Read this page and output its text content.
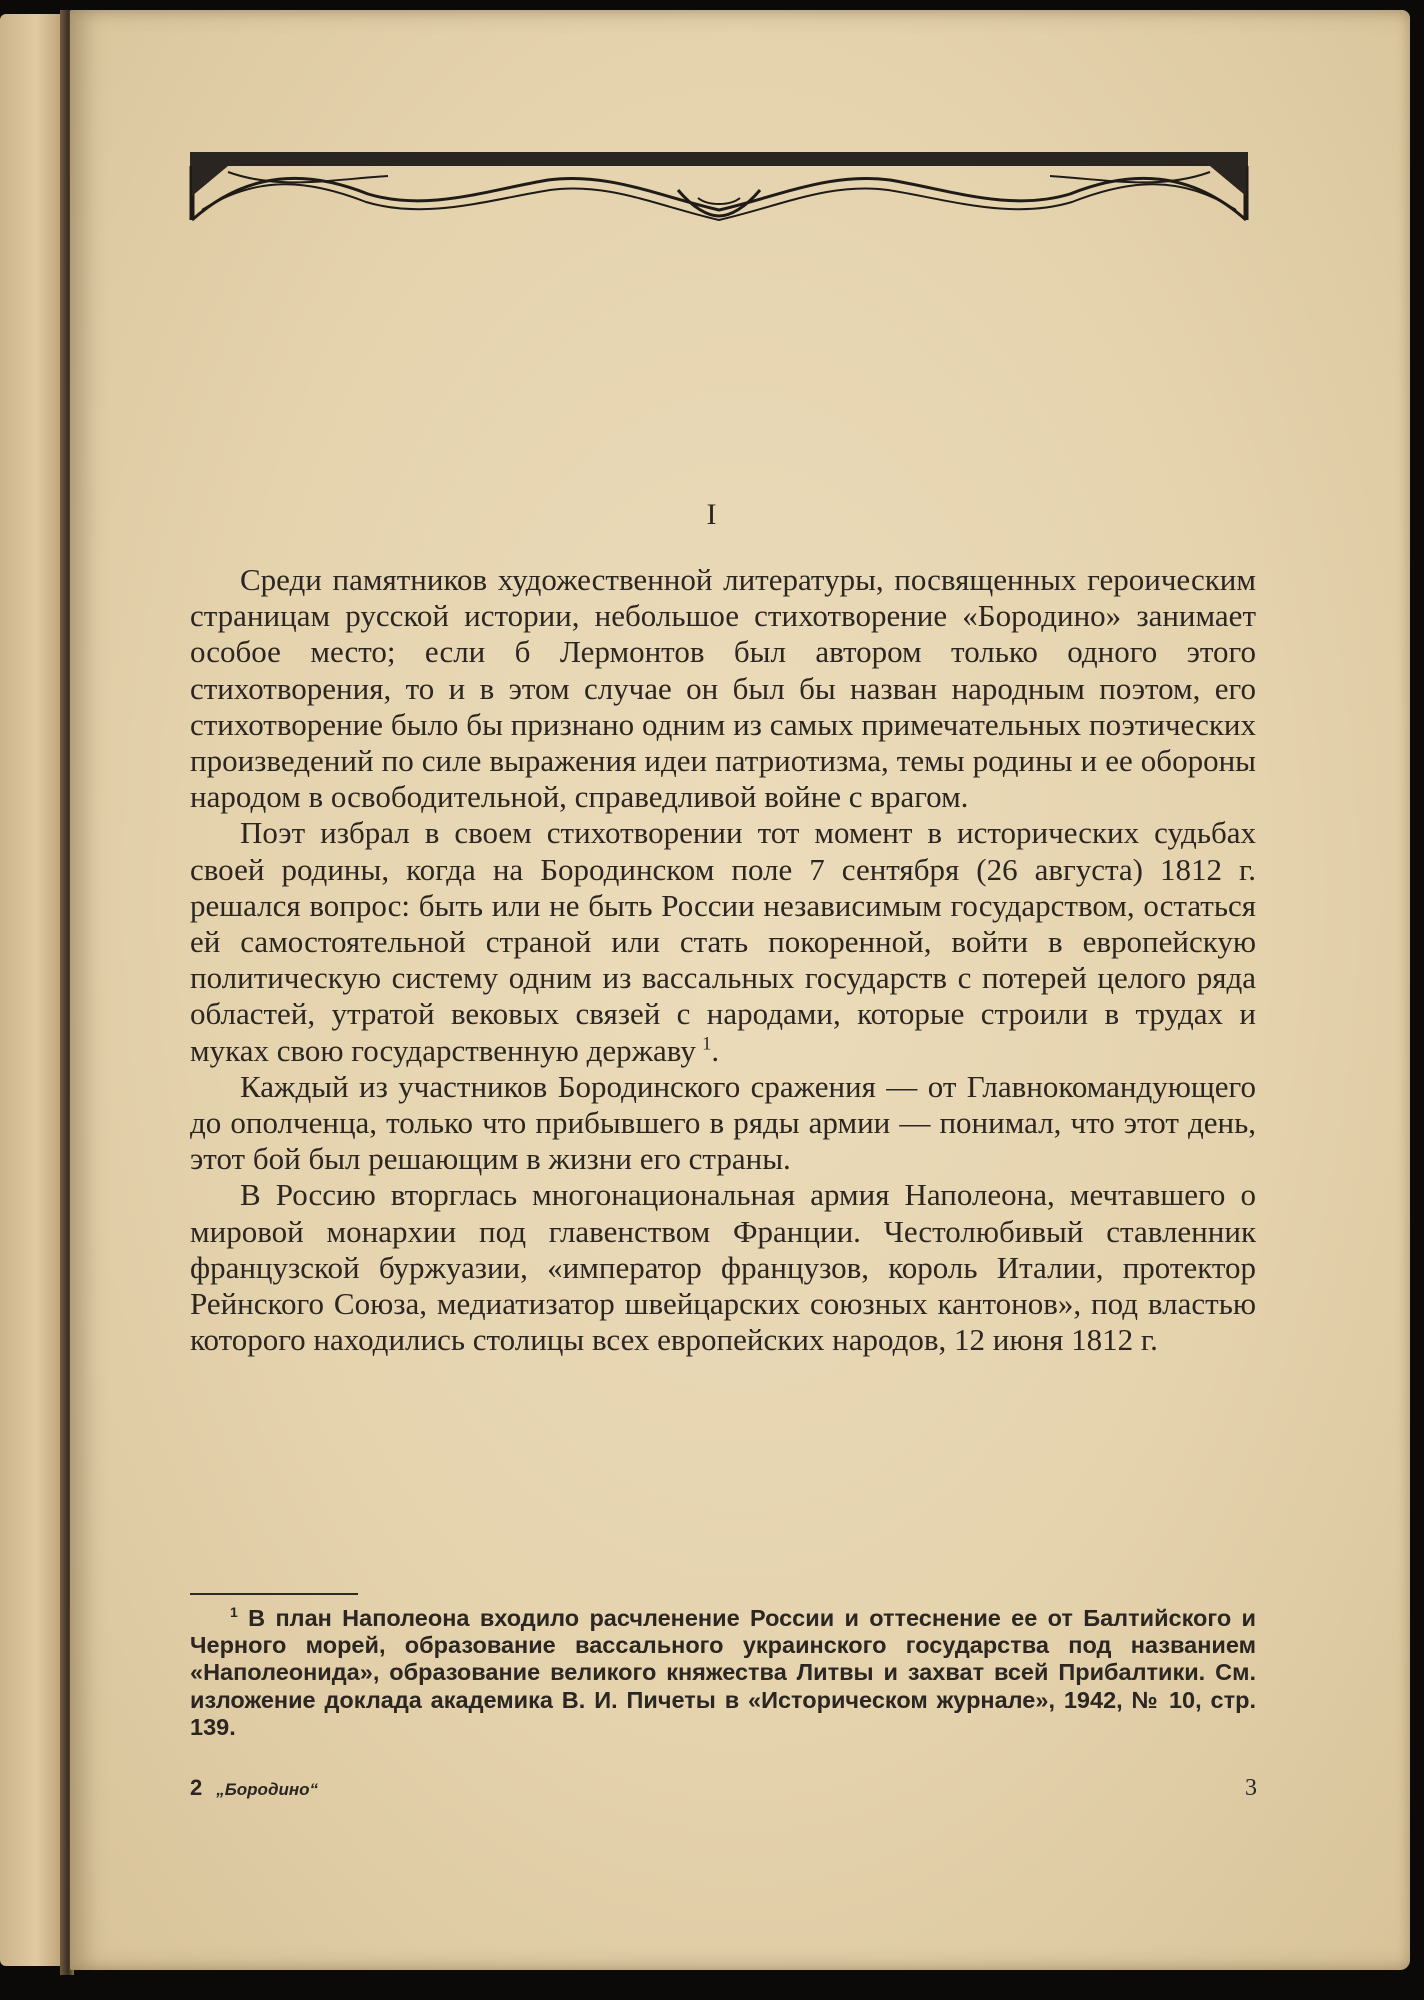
I

Среди памятников художественной литературы, посвященных героическим страницам русской истории, небольшое стихотворение «Бородино» занимает особое место; если б Лермонтов был автором только одного этого стихотворения, то и в этом случае он был бы назван народным поэтом, его стихотворение было бы признано одним из самых примечательных поэтических произведений по силе выражения идеи патриотизма, темы родины и ее обороны народом в освободительной, справедливой войне с врагом.

Поэт избрал в своем стихотворении тот момент в исторических судьбах своей родины, когда на Бородинском поле 7 сентября (26 августа) 1812 г. решался вопрос: быть или не быть России независимым государством, остаться ей самостоятельной страной или стать покоренной, войти в европейскую политическую систему одним из вассальных государств с потерей целого ряда областей, утратой вековых связей с народами, которые строили в трудах и муках свою государственную державу  $^1$.

Каждый из участников Бородинского сражения — от Главнокомандующего до ополченца, только что прибывшего в ряды армии — понимал, что этот день, этот бой был решающим в жизни его страны.

В Россию вторглась многонациональная армия Наполеона, мечтавшего о мировой монархии под главенством Франции. Честолюбивый ставленник французской буржуазии, «император французов, король Италии, протектор Рейнского Союза, медиатизатор швейцарских союзных кантонов», под властью которого находились столицы всех европейских народов, 12 июня 1812 г.

$^1$ В план Наполеона входило расчленение России и оттеснение ее от Балтийского и Черного морей, образование вассального украинского государства под названием «Наполеонида», образование великого княжества Литвы и захват всей Прибалтики. См. изложение доклада академика В. И. Пичеты в «Историческом журнале», 1942, № 10, стр. 139.

2 „Бородино“	3
